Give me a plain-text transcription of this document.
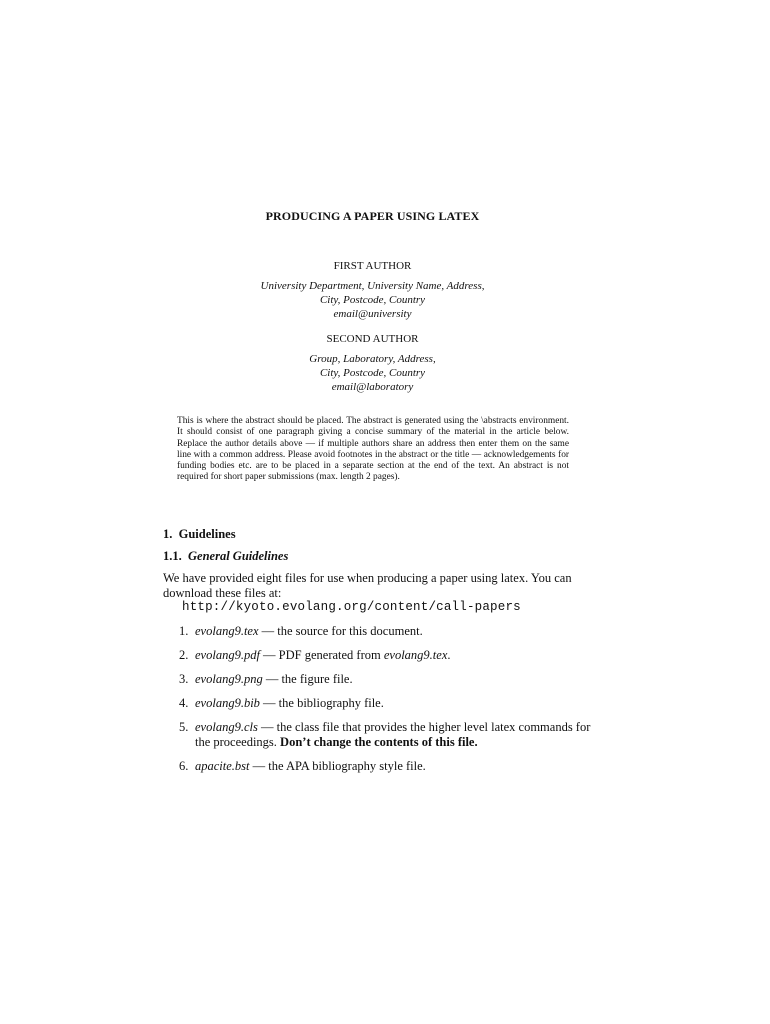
PRODUCING A PAPER USING LATEX
FIRST AUTHOR
University Department, University Name, Address,
City, Postcode, Country
email@university
SECOND AUTHOR
Group, Laboratory, Address,
City, Postcode, Country
email@laboratory
This is where the abstract should be placed. The abstract is generated using the \abstracts environment. It should consist of one paragraph giving a concise summary of the material in the article below. Replace the author details above — if multiple authors share an address then enter them on the same line with a common address. Please avoid footnotes in the abstract or the title — acknowledgements for funding bodies etc. are to be placed in a separate section at the end of the text. An abstract is not required for short paper submissions (max. length 2 pages).
1. Guidelines
1.1. General Guidelines
We have provided eight files for use when producing a paper using latex. You can download these files at:
http://kyoto.evolang.org/content/call-papers
1. evolang9.tex — the source for this document.
2. evolang9.pdf — PDF generated from evolang9.tex.
3. evolang9.png — the figure file.
4. evolang9.bib — the bibliography file.
5. evolang9.cls — the class file that provides the higher level latex commands for the proceedings. Don’t change the contents of this file.
6. apacite.bst — the APA bibliography style file.
